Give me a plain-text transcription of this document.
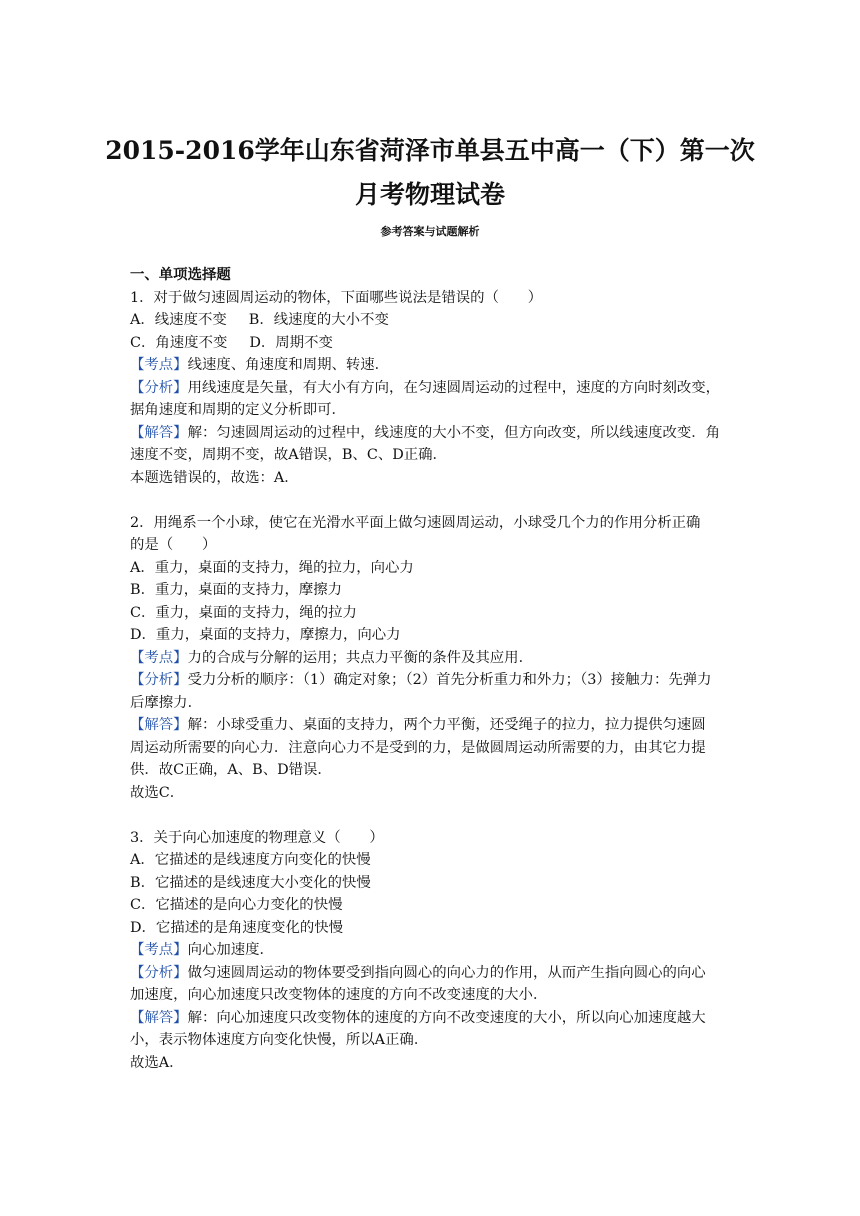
2015-2016学年山东省菏泽市单县五中高一（下）第一次
月考物理试卷
参考答案与试题解析
一、单项选择题
1．对于做匀速圆周运动的物体，下面哪些说法是错误的（　　）
A．线速度不变 B．线速度的大小不变
C．角速度不变 D．周期不变
【考点】线速度、角速度和周期、转速．
【分析】用线速度是矢量，有大小有方向，在匀速圆周运动的过程中，速度的方向时刻改变，
据角速度和周期的定义分析即可．
【解答】解：匀速圆周运动的过程中，线速度的大小不变，但方向改变，所以线速度改变．角
速度不变，周期不变，故A错误，B、C、D正确．
本题选错误的，故选：A．
2．用绳系一个小球，使它在光滑水平面上做匀速圆周运动，小球受几个力的作用分析正确
的是（　　）
A．重力，桌面的支持力，绳的拉力，向心力
B．重力，桌面的支持力，摩擦力
C．重力，桌面的支持力，绳的拉力
D．重力，桌面的支持力，摩擦力，向心力
【考点】力的合成与分解的运用；共点力平衡的条件及其应用．
【分析】受力分析的顺序：（1）确定对象；（2）首先分析重力和外力；（3）接触力：先弹力
后摩擦力．
【解答】解：小球受重力、桌面的支持力，两个力平衡，还受绳子的拉力，拉力提供匀速圆
周运动所需要的向心力．注意向心力不是受到的力，是做圆周运动所需要的力，由其它力提
供．故C正确，A、B、D错误．
故选C．
3．关于向心加速度的物理意义（　　）
A．它描述的是线速度方向变化的快慢
B．它描述的是线速度大小变化的快慢
C．它描述的是向心力变化的快慢
D．它描述的是角速度变化的快慢
【考点】向心加速度．
【分析】做匀速圆周运动的物体要受到指向圆心的向心力的作用，从而产生指向圆心的向心
加速度，向心加速度只改变物体的速度的方向不改变速度的大小．
【解答】解：向心加速度只改变物体的速度的方向不改变速度的大小，所以向心加速度越大
小，表示物体速度方向变化快慢，所以A正确．
故选A．
